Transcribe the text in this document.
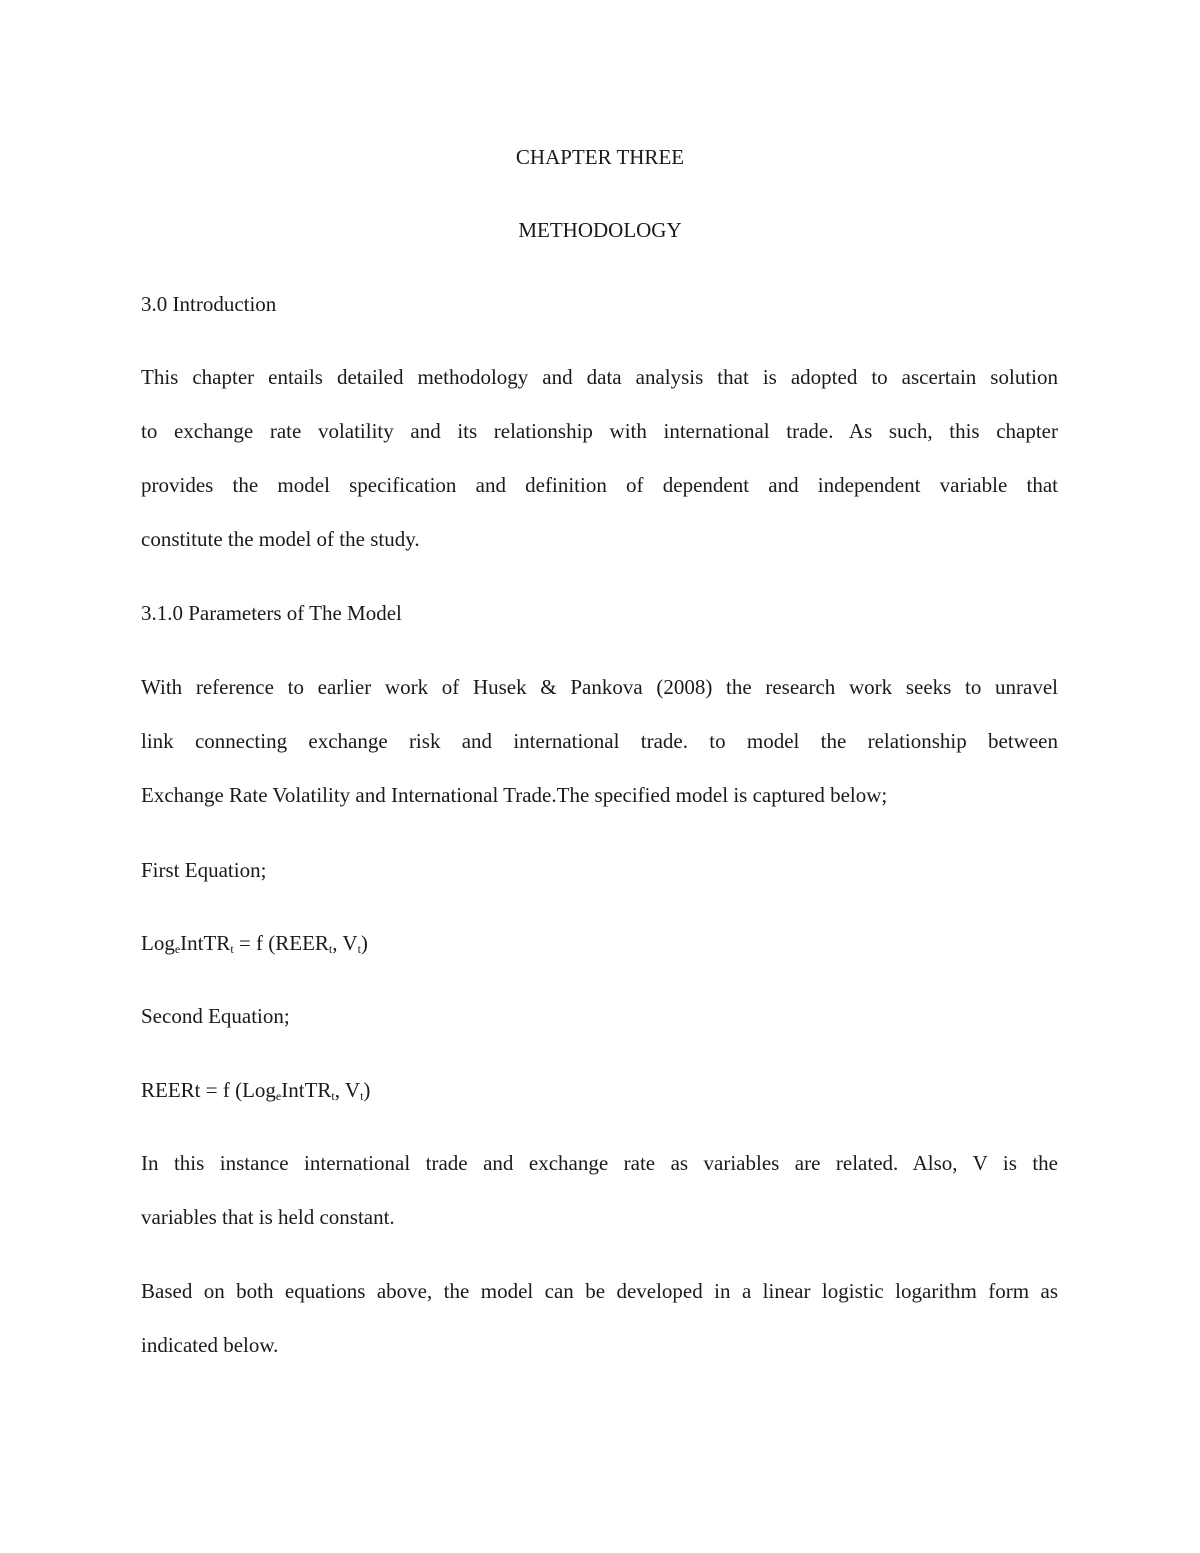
CHAPTER THREE

METHODOLOGY

3.0 Introduction

This chapter entails detailed methodology and data analysis that is adopted to ascertain solution
to exchange rate volatility and its relationship with international trade. As such, this chapter
provides the model specification and definition of dependent and independent variable that
constitute the model of the study.

3.1.0 Parameters of The Model

With reference to earlier work of Husek & Pankova (2008) the research work seeks to unravel
link connecting exchange risk and international trade. to model the relationship between
Exchange Rate Volatility and International Trade.The specified model is captured below;

First Equation;

Log$_e$IntTR$_t$ = f ($REER_t$, $V_t$)

Second Equation;

REERt = f (Log$_e$IntTR$_t$, $V_t$)

In this instance international trade and exchange rate as variables are related. Also, V is the
variables that is held constant.
Based on both equations above, the model can be developed in a linear logistic logarithm form as
indicated below.
